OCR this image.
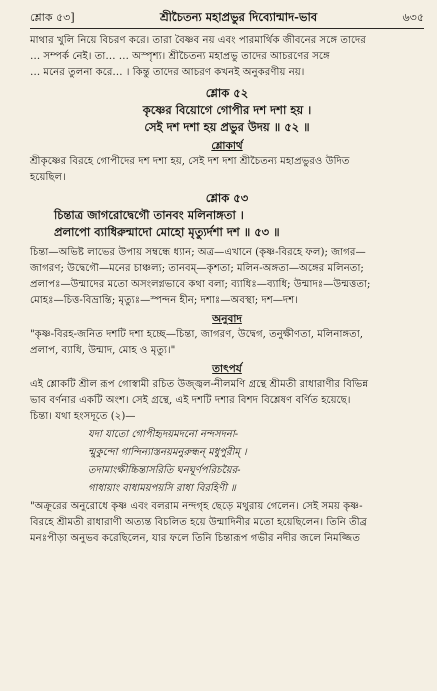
শ্লোক ৫৩]	শ্রীচৈতন্য মহাপ্রভুর দিব্যোন্মাদ-ভাব	৬৩৫

মাথার খুলি নিয়ে বিচরণ করে। তারা বৈষ্ণব নয় এবং পারমার্থিক জীবনের সঙ্গে তাদের

… সম্পর্ক নেই। তা… … অস্পৃশ্য। শ্রীচৈতন্য মহাপ্রভু তাদের আচরণের সঙ্গে

… মনের তুলনা করে… । কিন্তু তাদের আচরণ কখনই অনুকরণীয় নয়।

শ্লোক ৫২

কৃষ্ণের বিয়োগে গোপীর দশ দশা হয় ।

সেই দশ দশা হয় প্রভুর উদয় ॥ ৫২ ॥

শ্লোকার্থ

শ্রীকৃষ্ণের বিরহে গোপীদের দশ দশা হয়, সেই দশ দশা শ্রীচৈতন্য মহাপ্রভুরও উদিত

হয়েছিল।

শ্লোক ৫৩

চিন্তাত্র জাগরোদ্বেগৌ তানবং মলিনাঙ্গতা ।

প্রলাপো ব্যাধিরুন্মাদো মোহো মৃত্যুর্দশা দশ ॥ ৫৩ ॥

চিন্তা—অভিষ্ট লাভের উপায় সম্বন্ধে ধ্যান; অত্র—এখানে (কৃষ্ণ-বিরহে ফল); জাগর—

জাগরণ; উদ্বেগৌ—মনের চাঞ্চল্য; তানবম্—কৃশতা; মলিন-অঙ্গতা—অঙ্গের মলিনতা;

প্রলাপঃ—উন্মাদের মতো অসংলগ্নভাবে কথা বলা; ব্যাধিঃ—ব্যাধি; উন্মাদঃ—উন্মত্ততা;

মোহঃ—চিত্ত-বিভ্রান্তি; মৃত্যুঃ—স্পন্দন হীন; দশাঃ—অবস্থা; দশ—দশ।

অনুবাদ

"কৃষ্ণ-বিরহ-জনিত দশটি দশা হচ্ছে—চিন্তা, জাগরণ, উদ্বেগ, তনুক্ষীণতা, মলিনাঙ্গতা,

প্রলাপ, ব্যাধি, উন্মাদ, মোহ ও মৃত্যু।"

তাৎপর্য

এই শ্লোকটি শ্রীল রূপ গোস্বামী রচিত উজ্জ্বল-নীলমণি গ্রন্থে শ্রীমতী রাধারাণীর বিভিন্ন

ভাব বর্ণনার একটি অংশ। সেই গ্রন্থে, এই দশটি দশার বিশদ বিশ্লেষণ বর্ণিত হয়েছে।

চিন্তা। যথা হংসদূতে (২)—

যদা যাতো গোপীহৃদয়মদনো নন্দসদনা-

ন্মুকুন্দো গান্দিন্যাস্তনয়মনুরুন্ধন্ মধুপুরীম্ ।

তদামাংক্ষীচ্চিন্তাসরিতি ঘনঘূর্ণপরিচয়ৈর-

গাধায়াং বাধাময়পয়সি রাধা বিরহিণী ॥

"অক্রূরের অনুরোধে কৃষ্ণ এবং বলরাম নন্দগৃহ ছেড়ে মথুরায় গেলেন। সেই সময় কৃষ্ণ-

বিরহে শ্রীমতী রাধারাণী অত্যন্ত বিচলিত হয়ে উন্মাদিনীর মতো হয়েছিলেন। তিনি তীব্র

মনঃপীড়া অনুভব করেছিলেন, যার ফলে তিনি চিন্তারূপ গভীর নদীর জলে নিমজ্জিত
